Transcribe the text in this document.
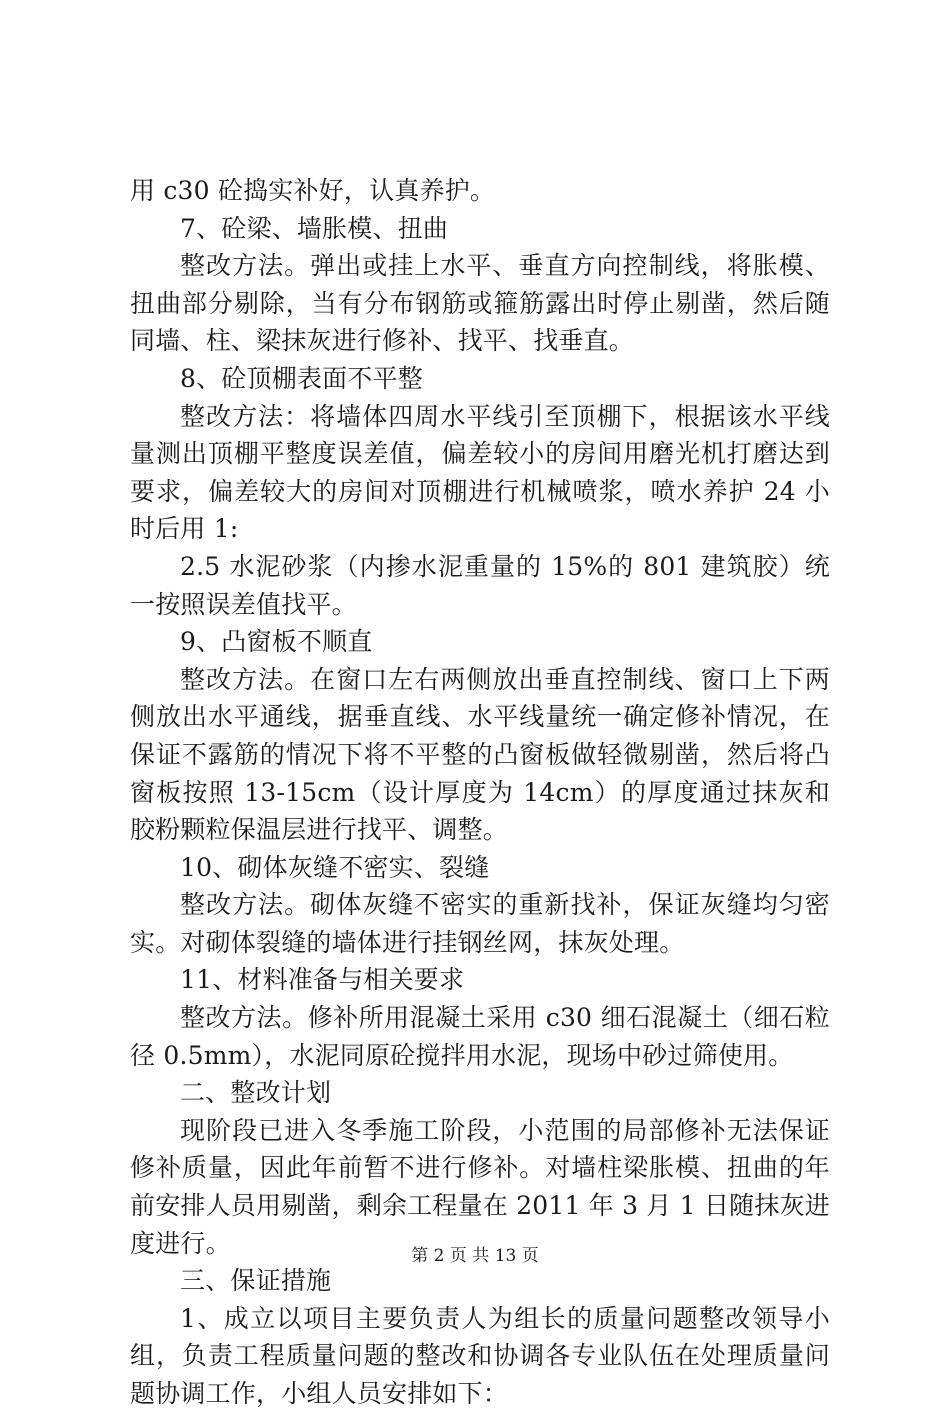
用 c30 砼捣实补好，认真养护。

7、砼梁、墙胀模、扭曲

整改方法。弹出或挂上水平、垂直方向控制线，将胀模、扭曲部分剔除，当有分布钢筋或箍筋露出时停止剔凿，然后随同墙、柱、梁抹灰进行修补、找平、找垂直。

8、砼顶棚表面不平整

整改方法：将墙体四周水平线引至顶棚下，根据该水平线量测出顶棚平整度误差值，偏差较小的房间用磨光机打磨达到要求，偏差较大的房间对顶棚进行机械喷浆，喷水养护 24 小时后用 1:

2.5 水泥砂浆（内掺水泥重量的 15%的 801 建筑胶）统一按照误差值找平。

9、凸窗板不顺直

整改方法。在窗口左右两侧放出垂直控制线、窗口上下两侧放出水平通线，据垂直线、水平线量统一确定修补情况，在保证不露筋的情况下将不平整的凸窗板做轻微剔凿，然后将凸窗板按照 13-15cm（设计厚度为 14cm）的厚度通过抹灰和胶粉颗粒保温层进行找平、调整。

10、砌体灰缝不密实、裂缝

整改方法。砌体灰缝不密实的重新找补，保证灰缝均匀密实。对砌体裂缝的墙体进行挂钢丝网，抹灰处理。

11、材料准备与相关要求

整改方法。修补所用混凝土采用 c30 细石混凝土（细石粒径 0.5mm），水泥同原砼搅拌用水泥，现场中砂过筛使用。

二、整改计划

现阶段已进入冬季施工阶段，小范围的局部修补无法保证修补质量，因此年前暂不进行修补。对墙柱梁胀模、扭曲的年前安排人员用剔凿，剩余工程量在 2011 年 3 月 1 日随抹灰进度进行。

三、保证措施

1、成立以项目主要负责人为组长的质量问题整改领导小组，负责工程质量问题的整改和协调各专业队伍在处理质量问题协调工作，小组人员安排如下：

第 2 页 共 13 页
